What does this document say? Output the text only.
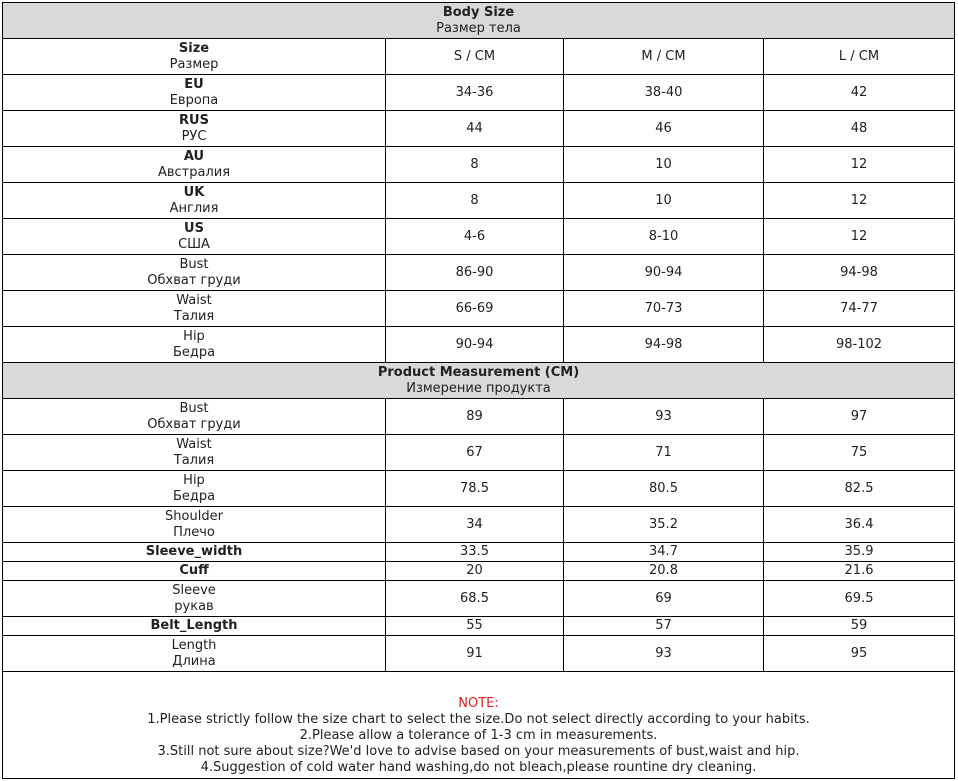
Body Size
Размер тела			

Size
Размер	S / CM	M / CM	L / CM

EU
Европа	34-36	38-40	42

RUS
РУС	44	46	48

AU
Австралия	8	10	12

UK
Англия	8	10	12

US
США	4-6	8-10	12

Bust
Обхват груди	86-90	90-94	94-98

Waist
Талия	66-69	70-73	74-77

Hip
Бедра	90-94	94-98	98-102

Product Measurement (CM)
Измерение продукта			

Bust
Обхват груди	89	93	97

Waist
Талия	67	71	75

Hip
Бедра	78.5	80.5	82.5

Shoulder
Плечо	34	35.2	36.4

Sleeve_width	33.5	34.7	35.9

Cuff	20	20.8	21.6

Sleeve
рукав	68.5	69	69.5

Belt_Length	55	57	59

Length
Длина	91	93	95

NOTE:
1.Please strictly follow the size chart to select the size.Do not select directly according to your habits.
2.Please allow a tolerance of 1-3 cm in measurements.
3.Still not sure about size?We'd love to advise based on your measurements of bust,waist and hip.
4.Suggestion of cold water hand washing,do not bleach,please rountine dry cleaning.			
